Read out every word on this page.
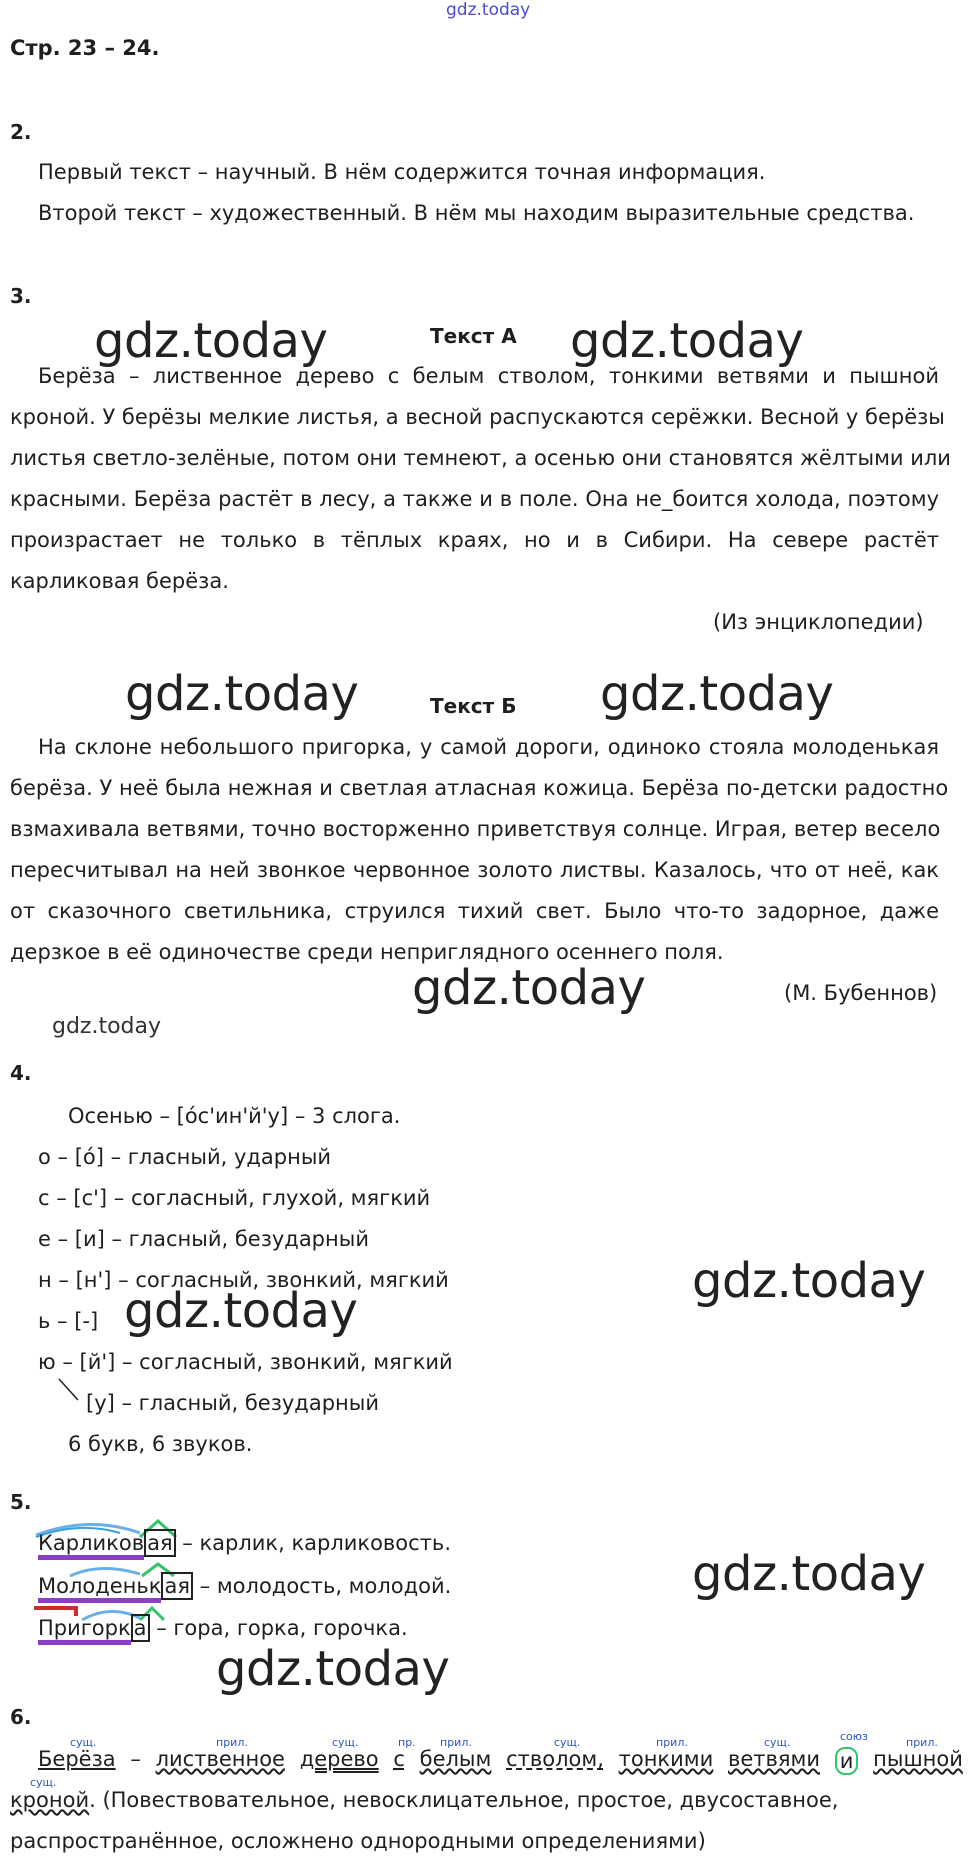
gdz.today
Стр. 23 – 24.
2.
Первый текст – научный. В нём содержится точная информация.
Второй текст – художественный. В нём мы находим выразительные средства.
3.
gdz.today	Текст А gdz.today
Берёза – лиственное дерево с белым стволом, тонкими ветвями и пышной
кроной. У берёзы мелкие листья, а весной распускаются серёжки. Весной у берёзы
листья светло-зелёные, потом они темнеют, а осенью они становятся жёлтыми или
красными. Берёза растёт в лесу, а также и в поле. Она не_боится холода, поэтому
произрастает не только в тёплых краях, но и в Сибири. На севере растёт
карликовая берёза.
(Из энциклопедии)
gdz.today	Текст Б gdz.today
На склоне небольшого пригорка, у самой дороги, одиноко стояла молоденькая
берёза. У неё была нежная и светлая атласная кожица. Берёза по-детски радостно
взмахивала ветвями, точно восторженно приветствуя солнце. Играя, ветер весело
пересчитывал на ней звонкое червонное золото листвы. Казалось, что от неё, как
от сказочного светильника, струился тихий свет. Было что-то задорное, даже
дерзкое в её одиночестве среди неприглядного осеннего поля.
gdz.today	(М. Бубеннов)
gdz.today
4.
Осенью – [óс'ин'й'у] – 3 слога.
о – [ó] – гласный, ударный
с – [с'] – согласный, глухой, мягкий
е – [и] – гласный, безударный
н – [н'] – согласный, звонкий, мягкий
ь – [-] gdz.today
gdz.today
ю – [й'] – согласный, звонкий, мягкий
[у] – гласный, безударный
6 букв, 6 звуков.
5.
Карликов ая – карлик, карликовость.
Молоденьк ая – молодость, молодой.
Пригорк а – гора, горка, горочка.
gdz.today
gdz.today
6.
сущ.	прил.	сущ.	пр. прил.	сущ.	прил.	сущ.	союз	прил.
сущ.
Берёза – лиственное дерево с белым стволом, тонкими ветвями и пышной
кроной. (Повествовательное, невосклицательное, простое, двусоставное,
распространённое, осложнено однородными определениями)
